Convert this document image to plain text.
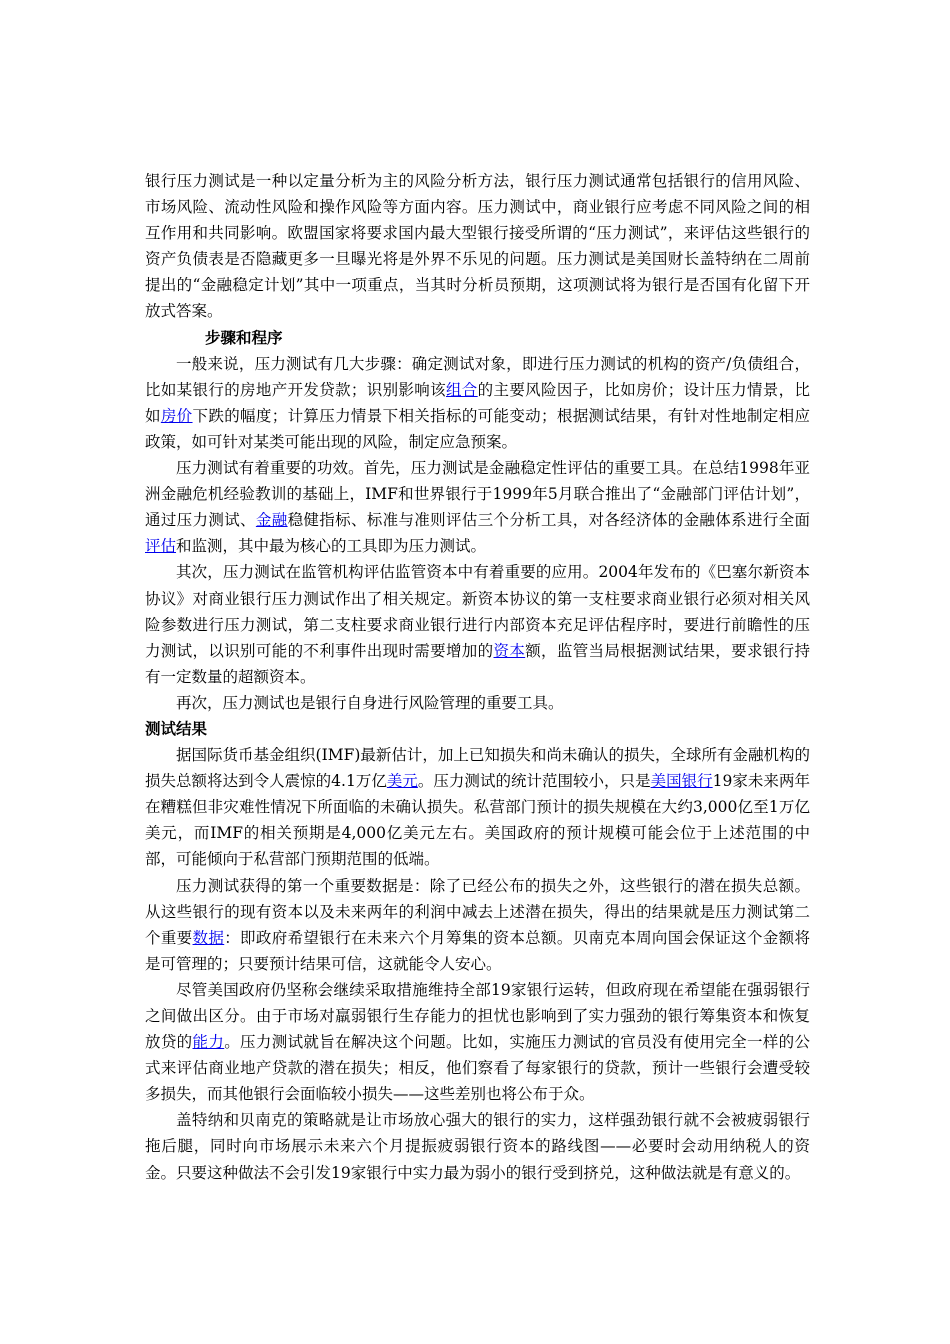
银行压力测试是一种以定量分析为主的风险分析方法，银行压力测试通常包括银行的信用风险、市场风险、流动性风险和操作风险等方面内容。压力测试中，商业银行应考虑不同风险之间的相互作用和共同影响。欧盟国家将要求国内最大型银行接受所谓的“压力测试”，来评估这些银行的资产负债表是否隐藏更多一旦曝光将是外界不乐见的问题。压力测试是美国财长盖特纳在二周前提出的“金融稳定计划”其中一项重点，当其时分析员预期，这项测试将为银行是否国有化留下开放式答案。

步骤和程序

一般来说，压力测试有几大步骤：确定测试对象，即进行压力测试的机构的资产/负债组合，比如某银行的房地产开发贷款；识别影响该组合的主要风险因子，比如房价；设计压力情景，比如房价下跌的幅度；计算压力情景下相关指标的可能变动；根据测试结果，有针对性地制定相应政策，如可针对某类可能出现的风险，制定应急预案。

压力测试有着重要的功效。首先，压力测试是金融稳定性评估的重要工具。在总结1998年亚洲金融危机经验教训的基础上，IMF和世界银行于1999年5月联合推出了“金融部门评估计划”，通过压力测试、金融稳健指标、标准与准则评估三个分析工具，对各经济体的金融体系进行全面评估和监测，其中最为核心的工具即为压力测试。

其次，压力测试在监管机构评估监管资本中有着重要的应用。2004年发布的《巴塞尔新资本协议》对商业银行压力测试作出了相关规定。新资本协议的第一支柱要求商业银行必须对相关风险参数进行压力测试，第二支柱要求商业银行进行内部资本充足评估程序时，要进行前瞻性的压力测试，以识别可能的不利事件出现时需要增加的资本额，监管当局根据测试结果，要求银行持有一定数量的超额资本。

再次，压力测试也是银行自身进行风险管理的重要工具。

测试结果

据国际货币基金组织(IMF)最新估计，加上已知损失和尚未确认的损失，全球所有金融机构的损失总额将达到令人震惊的4.1万亿美元。压力测试的统计范围较小，只是美国银行19家未来两年在糟糕但非灾难性情况下所面临的未确认损失。私营部门预计的损失规模在大约3,000亿至1万亿美元，而IMF的相关预期是4,000亿美元左右。美国政府的预计规模可能会位于上述范围的中部，可能倾向于私营部门预期范围的低端。

压力测试获得的第一个重要数据是：除了已经公布的损失之外，这些银行的潜在损失总额。从这些银行的现有资本以及未来两年的利润中减去上述潜在损失，得出的结果就是压力测试第二个重要数据：即政府希望银行在未来六个月筹集的资本总额。贝南克本周向国会保证这个金额将是可管理的；只要预计结果可信，这就能令人安心。

尽管美国政府仍坚称会继续采取措施维持全部19家银行运转，但政府现在希望能在强弱银行之间做出区分。由于市场对羸弱银行生存能力的担忧也影响到了实力强劲的银行筹集资本和恢复放贷的能力。压力测试就旨在解决这个问题。比如，实施压力测试的官员没有使用完全一样的公式来评估商业地产贷款的潜在损失；相反，他们察看了每家银行的贷款，预计一些银行会遭受较多损失，而其他银行会面临较小损失——这些差别也将公布于众。

盖特纳和贝南克的策略就是让市场放心强大的银行的实力，这样强劲银行就不会被疲弱银行拖后腿，同时向市场展示未来六个月提振疲弱银行资本的路线图——必要时会动用纳税人的资金。只要这种做法不会引发19家银行中实力最为弱小的银行受到挤兑，这种做法就是有意义的。
